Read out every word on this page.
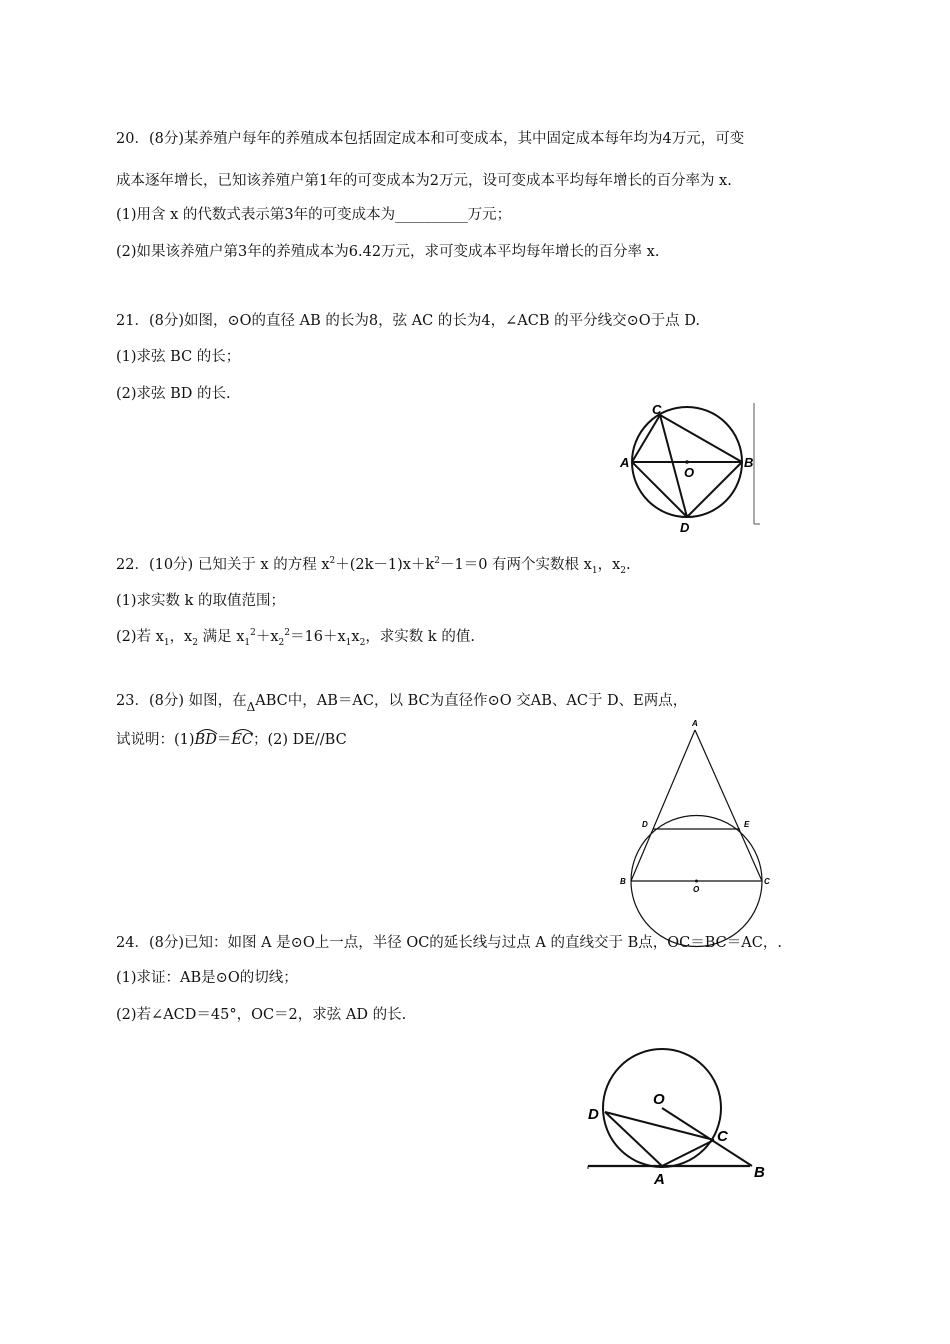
20．(8分)某养殖户每年的养殖成本包括固定成本和可变成本，其中固定成本每年均为4万元，可变
成本逐年增长，已知该养殖户第1年的可变成本为2万元，设可变成本平均每年增长的百分率为 x.
(1)用含 x 的代数式表示第3年的可变成本为__________万元；
(2)如果该养殖户第3年的养殖成本为6.42万元，求可变成本平均每年增长的百分率 x.
21．(8分)如图，⊙O的直径 AB 的长为8，弦 AC 的长为4，∠ACB 的平分线交⊙O于点 D.
(1)求弦 BC 的长；
(2)求弦 BD 的长.
C
A
O
B
D
22．(10分) 已知关于 x 的方程 $x^2+(2k-1)x+k^2-1=0$ 有两个实数根 $x_1$，$x_2$.
(1)求实数 k 的取值范围；
(2)若 $x_1$，$x_2$ 满足 $x_1^2+x_2^2=16+x_1x_2$，求实数 k 的值.
23．(8分) 如图，在$_\Delta$ABC中，AB＝AC，以 BC为直径作⊙O 交AB、AC于 D、E两点，
试说明：(1)
BD＝
EC；(2) DE//BC
A
D	E
B
O
C
24．(8分)已知：如图 A 是⊙O上一点，半径 OC的延长线与过点 A 的直线交于 B点，OC＝BC＝AC，.
(1)求证：AB是⊙O的切线；
(2)若∠ACD＝45°，OC＝2，求弦 AD 的长.
O
D
C
A	B
